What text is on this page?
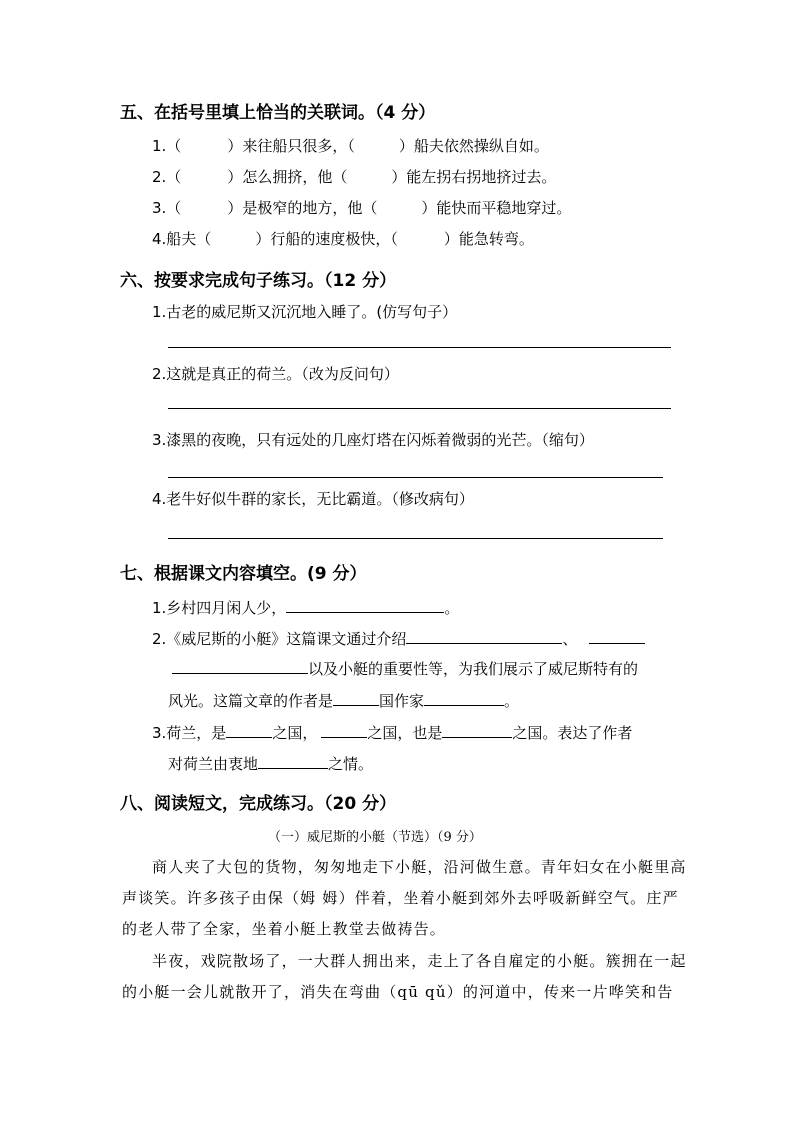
五、在括号里填上恰当的关联词。（4 分）
1.（	）来往船只很多，（	）船夫依然操纵自如。
2.（	）怎么拥挤，他（	）能左拐右拐地挤过去。
3.（	）是极窄的地方，他（	）能快而平稳地穿过。
4.船夫（	）行船的速度极快，（	）能急转弯。
六、按要求完成句子练习。（12 分）
1.古老的威尼斯又沉沉地入睡了。(仿写句子）
2.这就是真正的荷兰。（改为反问句）
3.漆黑的夜晚，只有远处的几座灯塔在闪烁着微弱的光芒。（缩句）
4.老牛好似牛群的家长，无比霸道。（修改病句）
七、根据课文内容填空。(9 分）
1.乡村四月闲人少，	。
2.《威尼斯的小艇》这篇课文通过介绍	、
以及小艇的重要性等，为我们展示了威尼斯特有的
风光。这篇文章的作者是	国作家	。
3.荷兰，是	之国，	之国，也是	之国。表达了作者
对荷兰由衷地	之情。
八、阅读短文，完成练习。（20 分）
（一）威尼斯的小艇（节选）（9 分）
商人夹了大包的货物，匆匆地走下小艇，沿河做生意。青年妇女在小艇里高
声谈笑。许多孩子由保（姆 姆）伴着，坐着小艇到郊外去呼吸新鲜空气。庄严
的老人带了全家，坐着小艇上教堂去做祷告。
半夜，戏院散场了，一大群人拥出来，走上了各自雇定的小艇。簇拥在一起
的小艇一会儿就散开了，消失在弯曲（qū qǔ）的河道中，传来一片哗笑和告
